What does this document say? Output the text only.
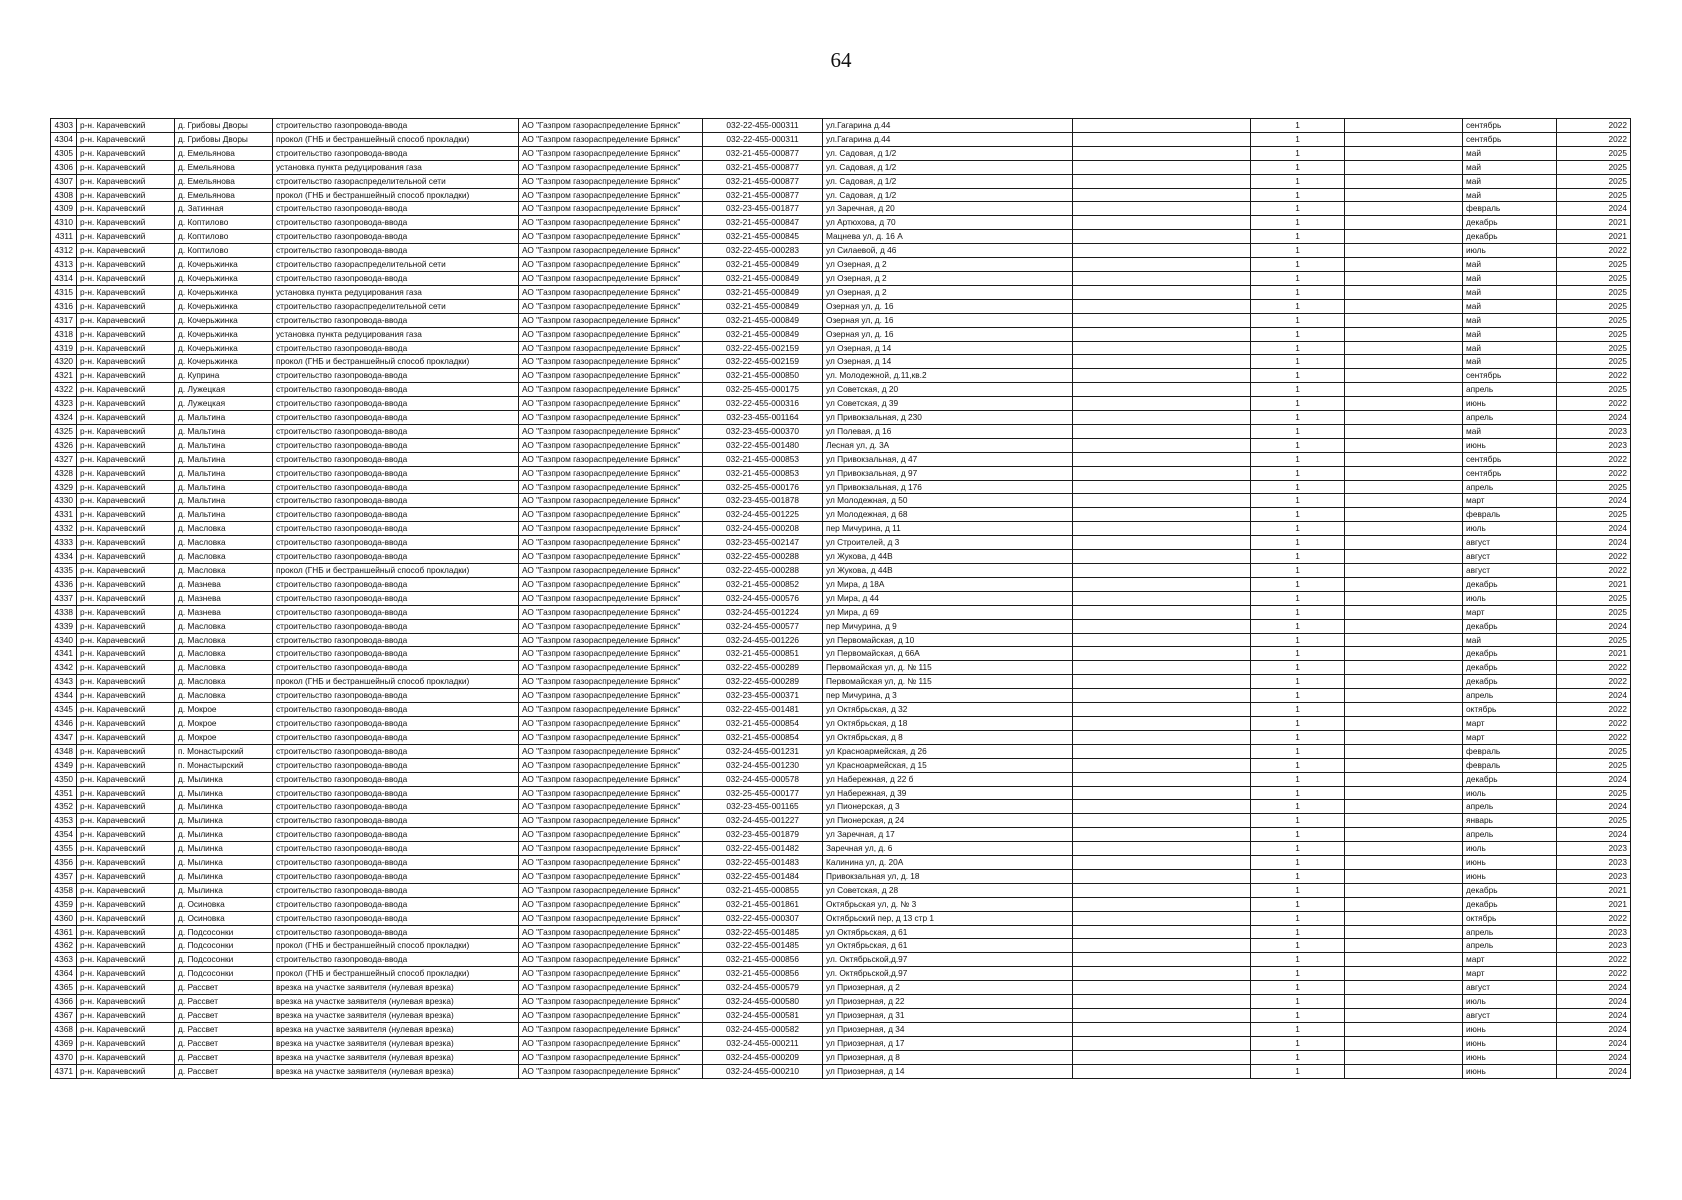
64
4303	р-н. Карачевский	д. Грибовы Дворы	строительство газопровода-ввода	АО "Газпром газораспределение Брянск"	032-22-455-000311	ул.Гагарина д.44		1		сентябрь	2022
4304	р-н. Карачевский	д. Грибовы Дворы	прокол (ГНБ и бестраншейный способ прокладки)	АО "Газпром газораспределение Брянск"	032-22-455-000311	ул.Гагарина д.44		1		сентябрь	2022
4305	р-н. Карачевский	д. Емельянова	строительство газопровода-ввода	АО "Газпром газораспределение Брянск"	032-21-455-000877	ул. Садовая, д 1/2		1		май	2025
4306	р-н. Карачевский	д. Емельянова	установка пункта редуцирования газа	АО "Газпром газораспределение Брянск"	032-21-455-000877	ул. Садовая, д 1/2		1		май	2025
4307	р-н. Карачевский	д. Емельянова	строительство газораспределительной сети	АО "Газпром газораспределение Брянск"	032-21-455-000877	ул. Садовая, д 1/2		1		май	2025
4308	р-н. Карачевский	д. Емельянова	прокол (ГНБ и бестраншейный способ прокладки)	АО "Газпром газораспределение Брянск"	032-21-455-000877	ул. Садовая, д 1/2		1		май	2025
4309	р-н. Карачевский	д. Затинная	строительство газопровода-ввода	АО "Газпром газораспределение Брянск"	032-23-455-001877	ул Заречная, д 20		1		февраль	2024
4310	р-н. Карачевский	д. Коптилово	строительство газопровода-ввода	АО "Газпром газораспределение Брянск"	032-21-455-000847	ул Артюхова, д 70		1		декабрь	2021
4311	р-н. Карачевский	д. Коптилово	строительство газопровода-ввода	АО "Газпром газораспределение Брянск"	032-21-455-000845	Мацнева ул, д. 16 А		1		декабрь	2021
4312	р-н. Карачевский	д. Коптилово	строительство газопровода-ввода	АО "Газпром газораспределение Брянск"	032-22-455-000283	ул Силаевой, д 46		1		июль	2022
4313	р-н. Карачевский	д. Кочерьжинка	строительство газораспределительной сети	АО "Газпром газораспределение Брянск"	032-21-455-000849	ул Озерная, д 2		1		май	2025
4314	р-н. Карачевский	д. Кочерьжинка	строительство газопровода-ввода	АО "Газпром газораспределение Брянск"	032-21-455-000849	ул Озерная, д 2		1		май	2025
4315	р-н. Карачевский	д. Кочерьжинка	установка пункта редуцирования газа	АО "Газпром газораспределение Брянск"	032-21-455-000849	ул Озерная, д 2		1		май	2025
4316	р-н. Карачевский	д. Кочерьжинка	строительство газораспределительной сети	АО "Газпром газораспределение Брянск"	032-21-455-000849	Озерная ул, д. 16		1		май	2025
4317	р-н. Карачевский	д. Кочерьжинка	строительство газопровода-ввода	АО "Газпром газораспределение Брянск"	032-21-455-000849	Озерная ул, д. 16		1		май	2025
4318	р-н. Карачевский	д. Кочерьжинка	установка пункта редуцирования газа	АО "Газпром газораспределение Брянск"	032-21-455-000849	Озерная ул, д. 16		1		май	2025
4319	р-н. Карачевский	д. Кочерьжинка	строительство газопровода-ввода	АО "Газпром газораспределение Брянск"	032-22-455-002159	ул Озерная, д 14		1		май	2025
4320	р-н. Карачевский	д. Кочерьжинка	прокол (ГНБ и бестраншейный способ прокладки)	АО "Газпром газораспределение Брянск"	032-22-455-002159	ул Озерная, д 14		1		май	2025
4321	р-н. Карачевский	д. Куприна	строительство газопровода-ввода	АО "Газпром газораспределение Брянск"	032-21-455-000850	ул. Молодежной, д.11,кв.2		1		сентябрь	2022
4322	р-н. Карачевский	д. Лужецкая	строительство газопровода-ввода	АО "Газпром газораспределение Брянск"	032-25-455-000175	ул Советская, д 20		1		апрель	2025
4323	р-н. Карачевский	д. Лужецкая	строительство газопровода-ввода	АО "Газпром газораспределение Брянск"	032-22-455-000316	ул Советская, д 39		1		июнь	2022
4324	р-н. Карачевский	д. Мальтина	строительство газопровода-ввода	АО "Газпром газораспределение Брянск"	032-23-455-001164	ул Привокзальная, д 230		1		апрель	2024
4325	р-н. Карачевский	д. Мальтина	строительство газопровода-ввода	АО "Газпром газораспределение Брянск"	032-23-455-000370	ул Полевая, д 16		1		май	2023
4326	р-н. Карачевский	д. Мальтина	строительство газопровода-ввода	АО "Газпром газораспределение Брянск"	032-22-455-001480	Лесная ул, д. 3А		1		июнь	2023
4327	р-н. Карачевский	д. Мальтина	строительство газопровода-ввода	АО "Газпром газораспределение Брянск"	032-21-455-000853	ул Привокзальная, д 47		1		сентябрь	2022
4328	р-н. Карачевский	д. Мальтина	строительство газопровода-ввода	АО "Газпром газораспределение Брянск"	032-21-455-000853	ул Привокзальная, д 97		1		сентябрь	2022
4329	р-н. Карачевский	д. Мальтина	строительство газопровода-ввода	АО "Газпром газораспределение Брянск"	032-25-455-000176	ул Привокзальная, д 176		1		апрель	2025
4330	р-н. Карачевский	д. Мальтина	строительство газопровода-ввода	АО "Газпром газораспределение Брянск"	032-23-455-001878	ул Молодежная, д 50		1		март	2024
4331	р-н. Карачевский	д. Мальтина	строительство газопровода-ввода	АО "Газпром газораспределение Брянск"	032-24-455-001225	ул Молодежная, д 68		1		февраль	2025
4332	р-н. Карачевский	д. Масловка	строительство газопровода-ввода	АО "Газпром газораспределение Брянск"	032-24-455-000208	пер Мичурина, д 11		1		июль	2024
4333	р-н. Карачевский	д. Масловка	строительство газопровода-ввода	АО "Газпром газораспределение Брянск"	032-23-455-002147	ул Строителей, д 3		1		август	2024
4334	р-н. Карачевский	д. Масловка	строительство газопровода-ввода	АО "Газпром газораспределение Брянск"	032-22-455-000288	ул Жукова, д 44В		1		август	2022
4335	р-н. Карачевский	д. Масловка	прокол (ГНБ и бестраншейный способ прокладки)	АО "Газпром газораспределение Брянск"	032-22-455-000288	ул Жукова, д 44В		1		август	2022
4336	р-н. Карачевский	д. Мазнева	строительство газопровода-ввода	АО "Газпром газораспределение Брянск"	032-21-455-000852	ул Мира, д 18А		1		декабрь	2021
4337	р-н. Карачевский	д. Мазнева	строительство газопровода-ввода	АО "Газпром газораспределение Брянск"	032-24-455-000576	ул Мира, д 44		1		июль	2025
4338	р-н. Карачевский	д. Мазнева	строительство газопровода-ввода	АО "Газпром газораспределение Брянск"	032-24-455-001224	ул Мира, д 69		1		март	2025
4339	р-н. Карачевский	д. Масловка	строительство газопровода-ввода	АО "Газпром газораспределение Брянск"	032-24-455-000577	пер Мичурина, д 9		1		декабрь	2024
4340	р-н. Карачевский	д. Масловка	строительство газопровода-ввода	АО "Газпром газораспределение Брянск"	032-24-455-001226	ул Первомайская, д 10		1		май	2025
4341	р-н. Карачевский	д. Масловка	строительство газопровода-ввода	АО "Газпром газораспределение Брянск"	032-21-455-000851	ул Первомайская, д 66А		1		декабрь	2021
4342	р-н. Карачевский	д. Масловка	строительство газопровода-ввода	АО "Газпром газораспределение Брянск"	032-22-455-000289	Первомайская ул, д. № 115		1		декабрь	2022
4343	р-н. Карачевский	д. Масловка	прокол (ГНБ и бестраншейный способ прокладки)	АО "Газпром газораспределение Брянск"	032-22-455-000289	Первомайская ул, д. № 115		1		декабрь	2022
4344	р-н. Карачевский	д. Масловка	строительство газопровода-ввода	АО "Газпром газораспределение Брянск"	032-23-455-000371	пер Мичурина, д 3		1		апрель	2024
4345	р-н. Карачевский	д. Мокрое	строительство газопровода-ввода	АО "Газпром газораспределение Брянск"	032-22-455-001481	ул Октябрьская, д 32		1		октябрь	2022
4346	р-н. Карачевский	д. Мокрое	строительство газопровода-ввода	АО "Газпром газораспределение Брянск"	032-21-455-000854	ул Октябрьская, д 18		1		март	2022
4347	р-н. Карачевский	д. Мокрое	строительство газопровода-ввода	АО "Газпром газораспределение Брянск"	032-21-455-000854	ул Октябрьская, д 8		1		март	2022
4348	р-н. Карачевский	п. Монастырский	строительство газопровода-ввода	АО "Газпром газораспределение Брянск"	032-24-455-001231	ул Красноармейская, д 26		1		февраль	2025
4349	р-н. Карачевский	п. Монастырский	строительство газопровода-ввода	АО "Газпром газораспределение Брянск"	032-24-455-001230	ул Красноармейская, д 15		1		февраль	2025
4350	р-н. Карачевский	д. Мылинка	строительство газопровода-ввода	АО "Газпром газораспределение Брянск"	032-24-455-000578	ул Набережная, д 22 б		1		декабрь	2024
4351	р-н. Карачевский	д. Мылинка	строительство газопровода-ввода	АО "Газпром газораспределение Брянск"	032-25-455-000177	ул Набережная, д 39		1		июль	2025
4352	р-н. Карачевский	д. Мылинка	строительство газопровода-ввода	АО "Газпром газораспределение Брянск"	032-23-455-001165	ул Пионерская, д 3		1		апрель	2024
4353	р-н. Карачевский	д. Мылинка	строительство газопровода-ввода	АО "Газпром газораспределение Брянск"	032-24-455-001227	ул Пионерская, д 24		1		январь	2025
4354	р-н. Карачевский	д. Мылинка	строительство газопровода-ввода	АО "Газпром газораспределение Брянск"	032-23-455-001879	ул Заречная, д 17		1		апрель	2024
4355	р-н. Карачевский	д. Мылинка	строительство газопровода-ввода	АО "Газпром газораспределение Брянск"	032-22-455-001482	Заречная ул, д. 6		1		июль	2023
4356	р-н. Карачевский	д. Мылинка	строительство газопровода-ввода	АО "Газпром газораспределение Брянск"	032-22-455-001483	Калинина ул, д. 20А		1		июнь	2023
4357	р-н. Карачевский	д. Мылинка	строительство газопровода-ввода	АО "Газпром газораспределение Брянск"	032-22-455-001484	Привокзальная ул, д. 18		1		июнь	2023
4358	р-н. Карачевский	д. Мылинка	строительство газопровода-ввода	АО "Газпром газораспределение Брянск"	032-21-455-000855	ул Советская, д 28		1		декабрь	2021
4359	р-н. Карачевский	д. Осиновка	строительство газопровода-ввода	АО "Газпром газораспределение Брянск"	032-21-455-001861	Октябрьская ул, д. № 3		1		декабрь	2021
4360	р-н. Карачевский	д. Осиновка	строительство газопровода-ввода	АО "Газпром газораспределение Брянск"	032-22-455-000307	Октябрьский пер, д 13 стр 1		1		октябрь	2022
4361	р-н. Карачевский	д. Подсосонки	строительство газопровода-ввода	АО "Газпром газораспределение Брянск"	032-22-455-001485	ул Октябрьская, д 61		1		апрель	2023
4362	р-н. Карачевский	д. Подсосонки	прокол (ГНБ и бестраншейный способ прокладки)	АО "Газпром газораспределение Брянск"	032-22-455-001485	ул Октябрьская, д 61		1		апрель	2023
4363	р-н. Карачевский	д. Подсосонки	строительство газопровода-ввода	АО "Газпром газораспределение Брянск"	032-21-455-000856	ул. Октябрьской,д.97		1		март	2022
4364	р-н. Карачевский	д. Подсосонки	прокол (ГНБ и бестраншейный способ прокладки)	АО "Газпром газораспределение Брянск"	032-21-455-000856	ул. Октябрьской,д.97		1		март	2022
4365	р-н. Карачевский	д. Рассвет	врезка на участке заявителя (нулевая врезка)	АО "Газпром газораспределение Брянск"	032-24-455-000579	ул Приозерная, д 2		1		август	2024
4366	р-н. Карачевский	д. Рассвет	врезка на участке заявителя (нулевая врезка)	АО "Газпром газораспределение Брянск"	032-24-455-000580	ул Приозерная, д 22		1		июль	2024
4367	р-н. Карачевский	д. Рассвет	врезка на участке заявителя (нулевая врезка)	АО "Газпром газораспределение Брянск"	032-24-455-000581	ул Приозерная, д 31		1		август	2024
4368	р-н. Карачевский	д. Рассвет	врезка на участке заявителя (нулевая врезка)	АО "Газпром газораспределение Брянск"	032-24-455-000582	ул Приозерная, д 34		1		июнь	2024
4369	р-н. Карачевский	д. Рассвет	врезка на участке заявителя (нулевая врезка)	АО "Газпром газораспределение Брянск"	032-24-455-000211	ул Приозерная, д 17		1		июнь	2024
4370	р-н. Карачевский	д. Рассвет	врезка на участке заявителя (нулевая врезка)	АО "Газпром газораспределение Брянск"	032-24-455-000209	ул Приозерная, д 8		1		июнь	2024
4371	р-н. Карачевский	д. Рассвет	врезка на участке заявителя (нулевая врезка)	АО "Газпром газораспределение Брянск"	032-24-455-000210	ул Приозерная, д 14		1		июнь	2024
